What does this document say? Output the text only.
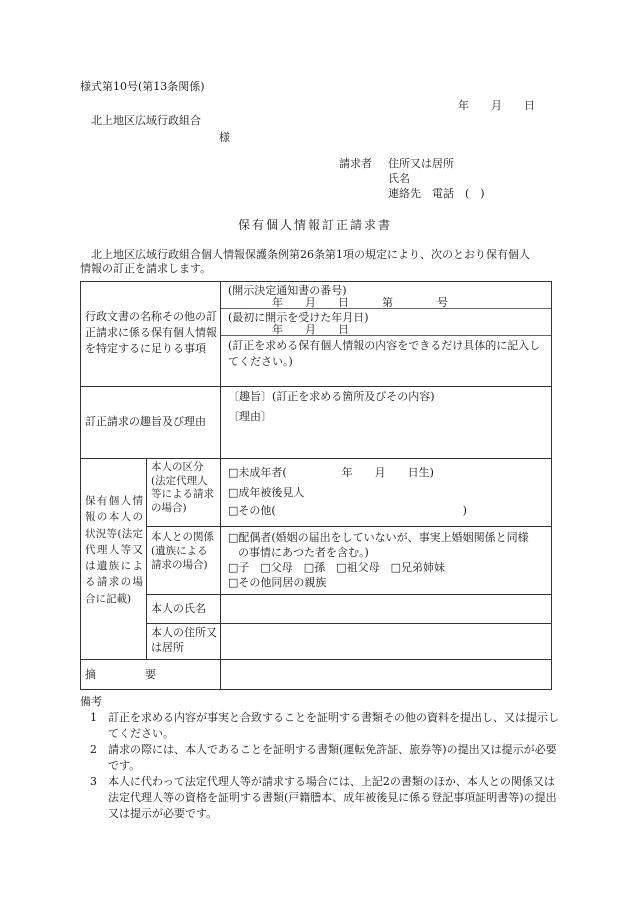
様式第10号(第13条関係)
年　　月　　日
北上地区広域行政組合
様
請求者 住所又は居所
氏名
連絡先　電話　(　)
保有個人情報訂正請求書
北上地区広域行政組合個人情報保護条例第26条第1項の規定により、次のとおり保有個人
情報の訂正を請求します。
行政文書の名称その他の訂正請求に係る保有個人情報を特定するに足りる事項
(開示決定通知書の番号)
年　　月　　日　　　第　　　　号
(最初に開示を受けた年月日)
年　　月　　日
(訂正を求める保有個人情報の内容をできるだけ具体的に記入してください。)
訂正請求の趣旨及び理由
〔趣旨〕(訂正を求める箇所及びその内容)
〔理由〕
保有個人情報の本人の状況等(法定代理人等又は遺族による請求の場合に記載)
本人の区分(法定代理人等による請求の場合)
□未成年者(　　　　　年　　月　　日生)
□成年被後見人
□その他(　　　　　　　　　　　　　　　　　)
本人との関係(遺族による請求の場合)
□配偶者(婚姻の届出をしていないが、事実上婚姻関係と同様
の事情にあつた者を含む。)
□子　□父母　□孫　□祖父母　□兄弟姉妹
□その他同居の親族
本人の氏名
本人の住所又は居所
摘　　　　要
備考
1 訂正を求める内容が事実と合致することを証明する書類その他の資料を提出し、又は提示してください。
2 請求の際には、本人であることを証明する書類(運転免許証、旅券等)の提出又は提示が必要です。
3 本人に代わって法定代理人等が請求する場合には、上記2の書類のほか、本人との関係又は法定代理人等の資格を証明する書類(戸籍謄本、成年被後見に係る登記事項証明書等)の提出又は提示が必要です。
